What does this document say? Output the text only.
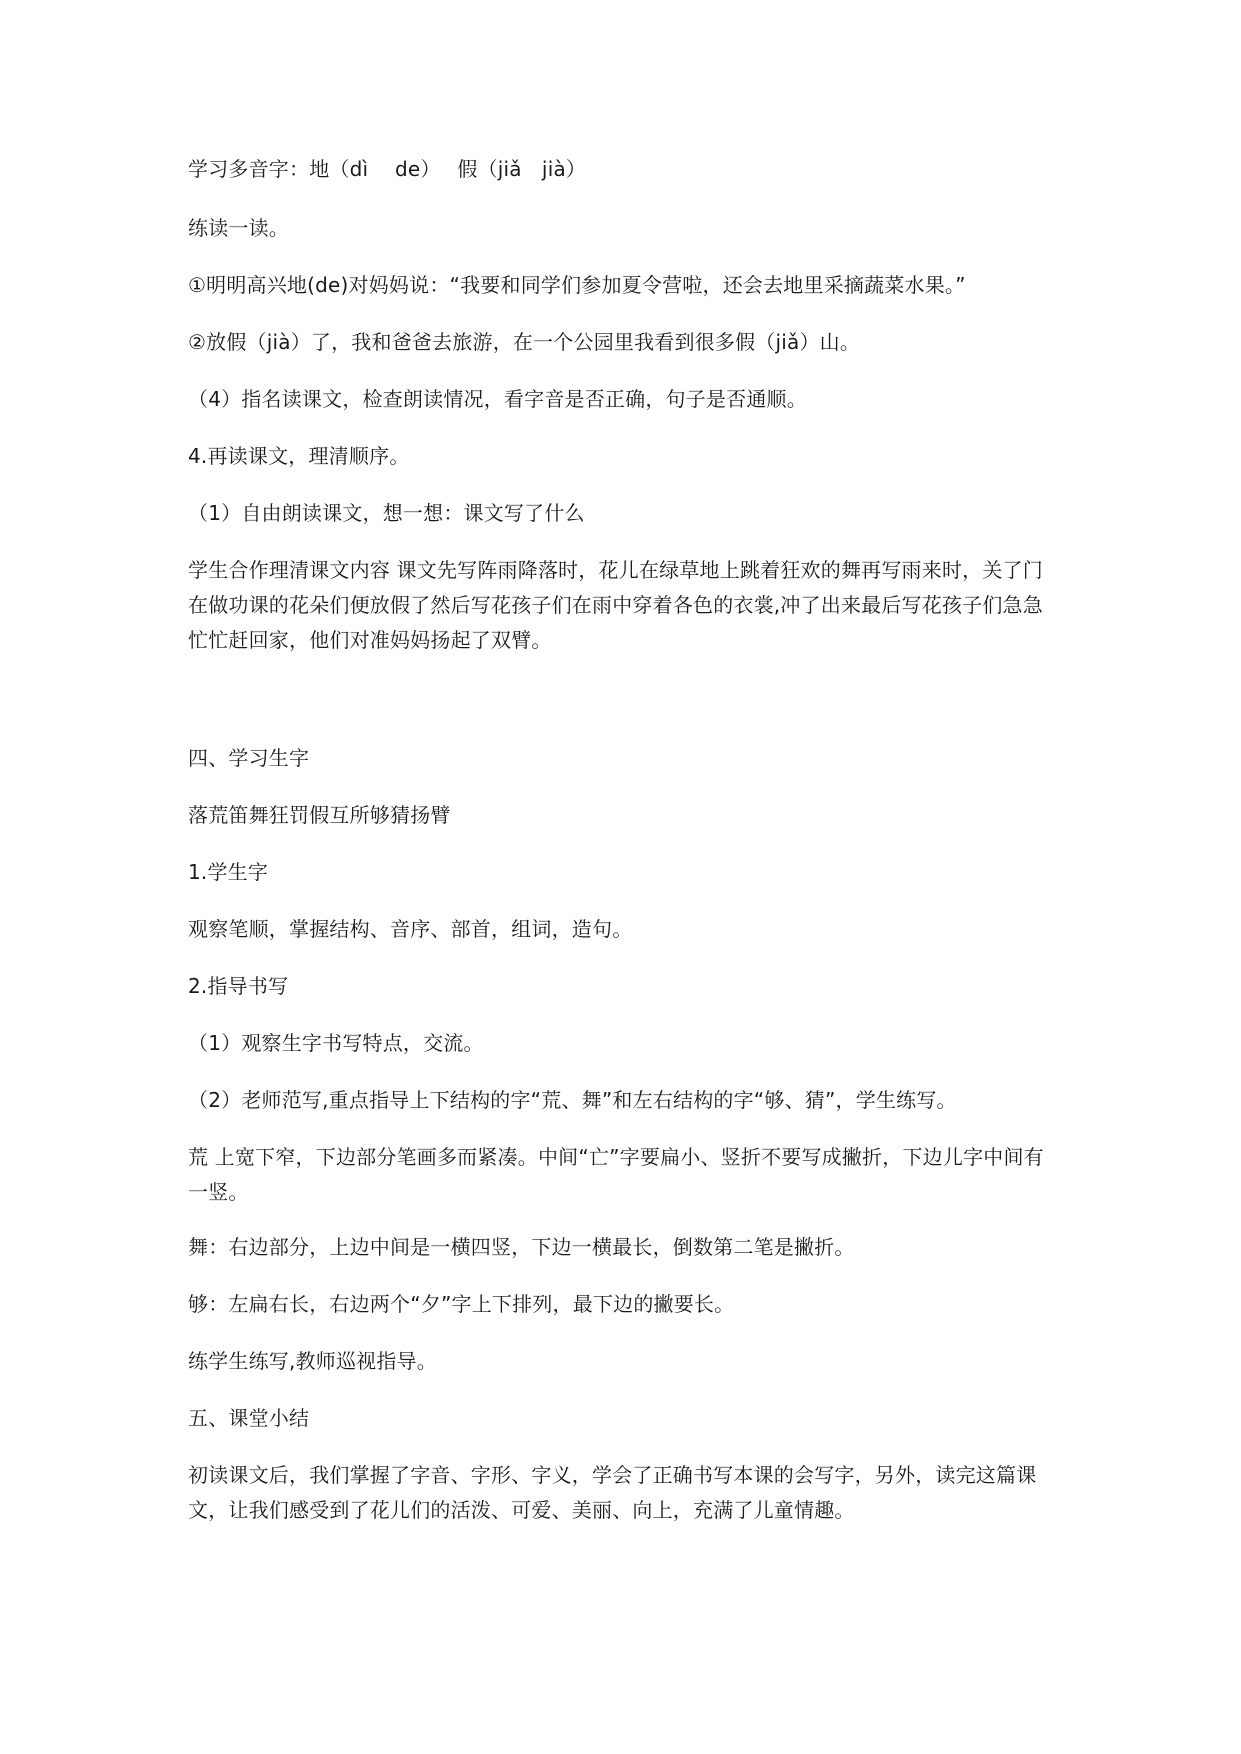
学习多音字：地（dì　 de）　 假（jiǎ　jià）

练读一读。

①明明高兴地(de)对妈妈说：“我要和同学们参加夏令营啦，还会去地里采摘蔬菜水果。”

②放假（jià）了，我和爸爸去旅游，在一个公园里我看到很多假（jiǎ）山。

（4）指名读课文，检查朗读情况，看字音是否正确，句子是否通顺。

4.再读课文，理清顺序。

（1）自由朗读课文，想一想：课文写了什么

学生合作理清课文内容 课文先写阵雨降落时，花儿在绿草地上跳着狂欢的舞再写雨来时，关了门在做功课的花朵们便放假了然后写花孩子们在雨中穿着各色的衣裳,冲了出来最后写花孩子们急急忙忙赶回家，他们对准妈妈扬起了双臂。

四、学习生字

落荒笛舞狂罚假互所够猜扬臂

1.学生字

观察笔顺，掌握结构、音序、部首，组词，造句。

2.指导书写

（1）观察生字书写特点，交流。

（2）老师范写,重点指导上下结构的字“荒、舞”和左右结构的字“够、猜”，学生练写。

荒 上宽下窄，下边部分笔画多而紧凑。中间“亡”字要扁小、竖折不要写成撇折，下边儿字中间有一竖。

舞：右边部分，上边中间是一横四竖，下边一横最长，倒数第二笔是撇折。

够：左扁右长，右边两个“夕”字上下排列，最下边的撇要长。

练学生练写,教师巡视指导。

五、课堂小结

初读课文后，我们掌握了字音、字形、字义，学会了正确书写本课的会写字，另外，读完这篇课文，让我们感受到了花儿们的活泼、可爱、美丽、向上，充满了儿童情趣。
